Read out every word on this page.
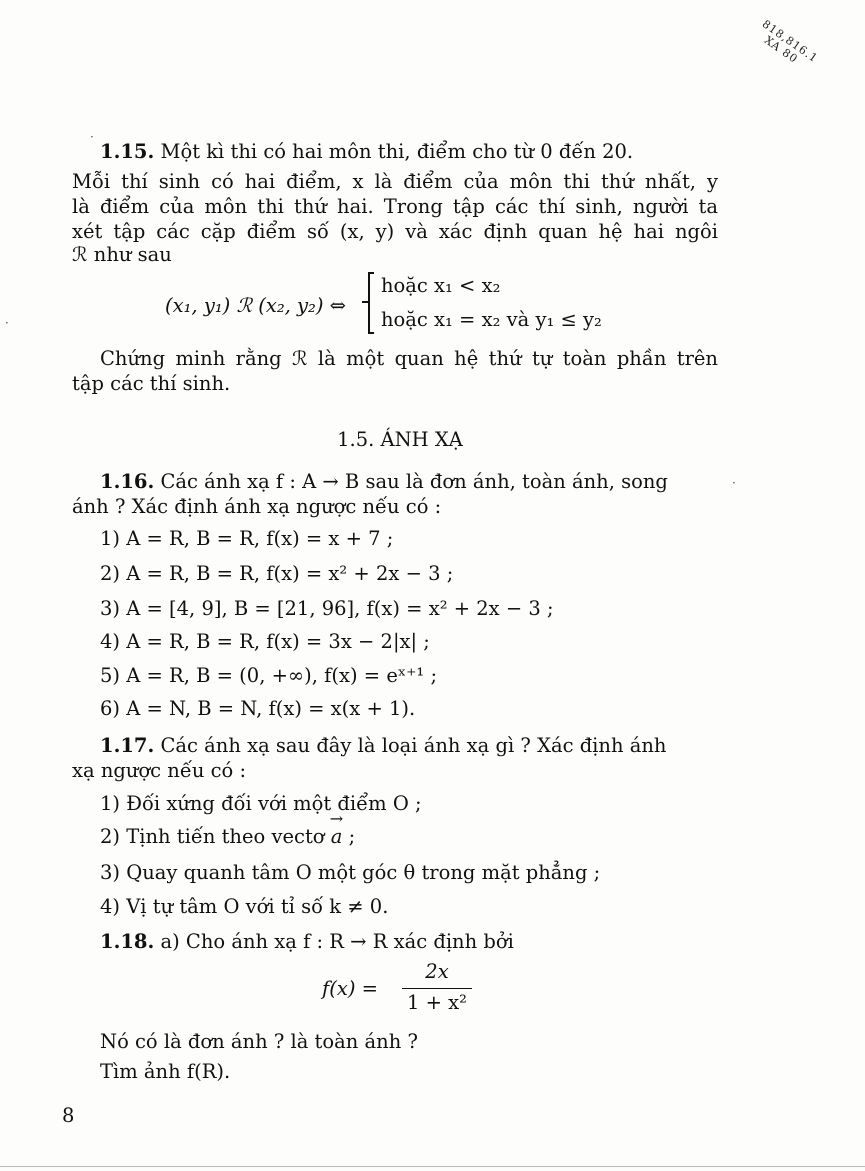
818,816.1 XA 80
1.15. Một kì thi có hai môn thi, điểm cho từ 0 đến 20.
Mỗi thí sinh có hai điểm, x là điểm của môn thi thứ nhất, y
là điểm của môn thi thứ hai. Trong tập các thí sinh, người ta
xét tập các cặp điểm số (x, y) và xác định quan hệ hai ngôi
ℛ như sau
(x₁, y₁) ℛ (x₂, y₂) ⇔
hoặc x₁ < x₂
hoặc x₁ = x₂ và y₁ ≤ y₂
Chứng minh rằng ℛ là một quan hệ thứ tự toàn phần trên
tập các thí sinh.
1.5. ÁNH XẠ
1.16. Các ánh xạ f : A → B sau là đơn ánh, toàn ánh, song
ánh ? Xác định ánh xạ ngược nếu có :
1) A = R, B = R, f(x) = x + 7 ;
2) A = R, B = R, f(x) = x² + 2x − 3 ;
3) A = [4, 9], B = [21, 96], f(x) = x² + 2x − 3 ;
4) A = R, B = R, f(x) = 3x − 2|x| ;
5) A = R, B = (0, +∞), f(x) = eˣ⁺¹ ;
6) A = N, B = N, f(x) = x(x + 1).
1.17. Các ánh xạ sau đây là loại ánh xạ gì ? Xác định ánh
xạ ngược nếu có :
1) Đối xứng đối với một điểm O ;
2) Tịnh tiến theo vectơ → a ;
3) Quay quanh tâm O một góc θ trong mặt phẳng ;
4) Vị tự tâm O với tỉ số k ≠ 0.
1.18. a) Cho ánh xạ f : R → R xác định bởi
f(x) =
2x
1 + x²
Nó có là đơn ánh ? là toàn ánh ?
Tìm ảnh f(R).
8
·
·
·
